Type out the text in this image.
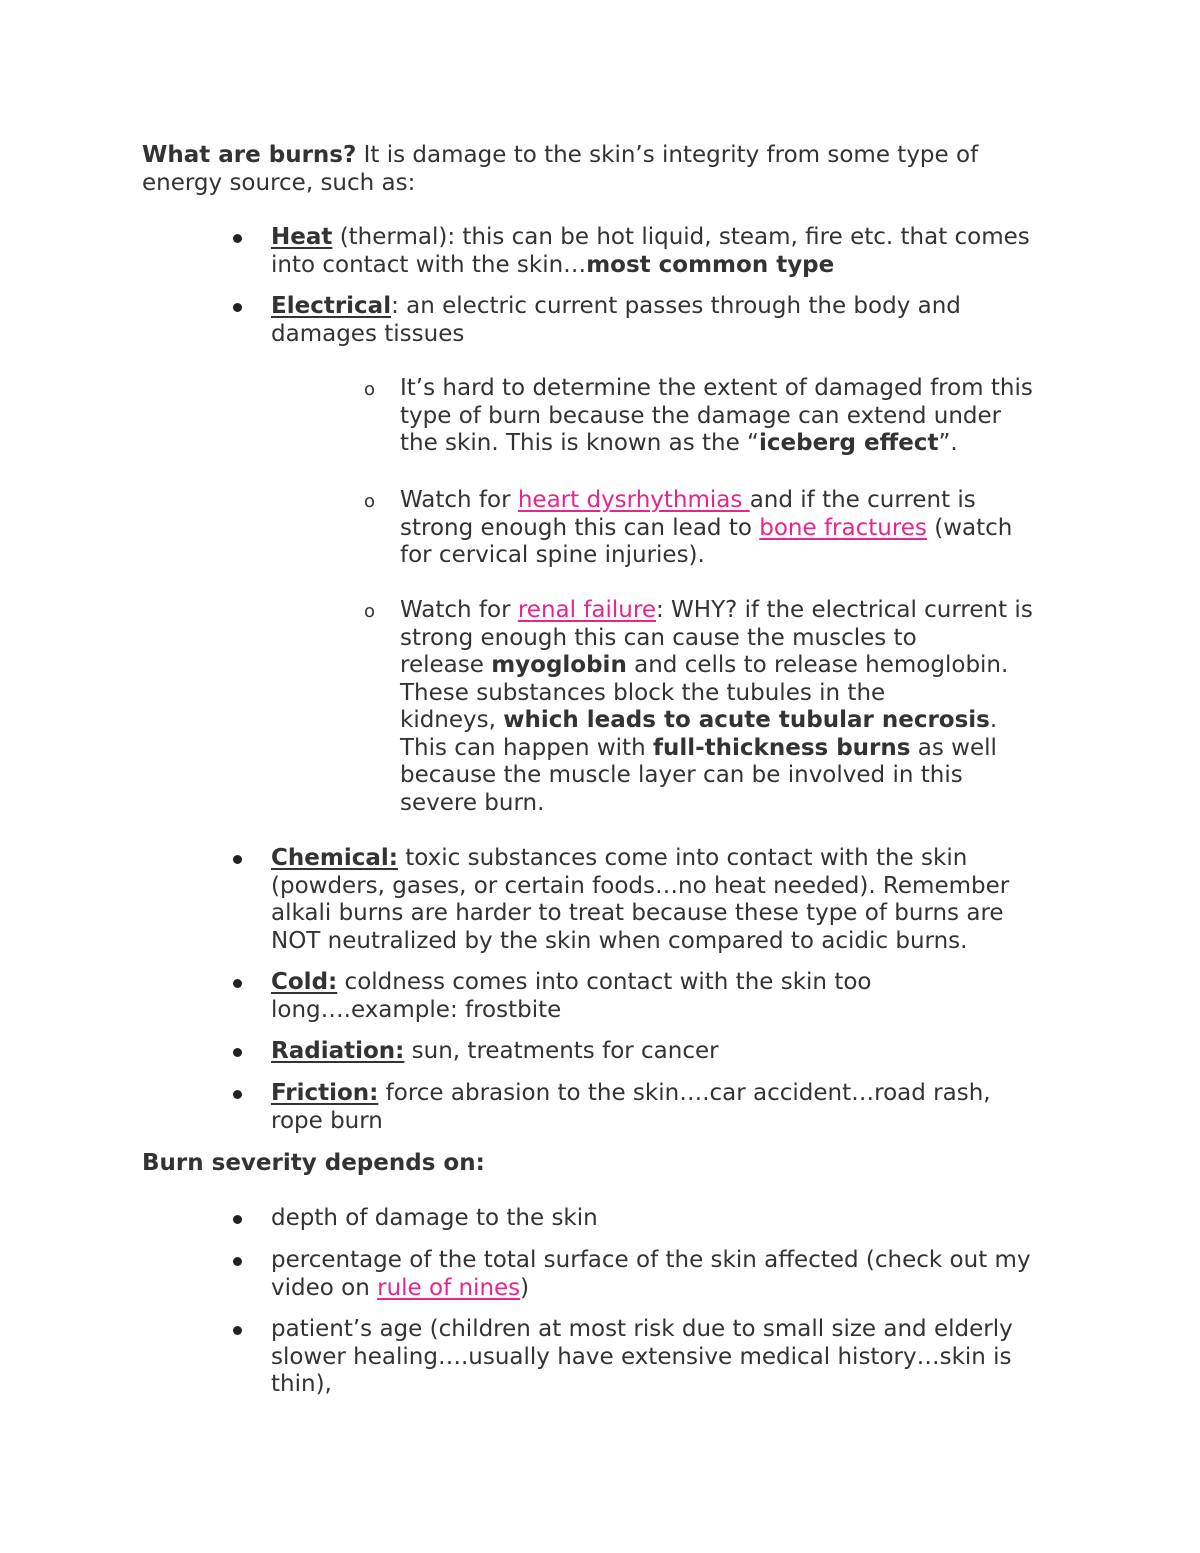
What are burns? It is damage to the skin’s integrity from some type of
energy source, such as:
Heat (thermal): this can be hot liquid, steam, fire etc. that comes
into contact with the skin…most common type
Electrical: an electric current passes through the body and
damages tissues
o It’s hard to determine the extent of damaged from this
type of burn because the damage can extend under
the skin. This is known as the “iceberg effect”.
o Watch for heart dysrhythmias and if the current is
strong enough this can lead to bone fractures (watch
for cervical spine injuries).
o Watch for renal failure: WHY? if the electrical current is
strong enough this can cause the muscles to
release myoglobin and cells to release hemoglobin.
These substances block the tubules in the
kidneys, which leads to acute tubular necrosis.
This can happen with full-thickness burns as well
because the muscle layer can be involved in this
severe burn.
Chemical: toxic substances come into contact with the skin
(powders, gases, or certain foods…no heat needed). Remember
alkali burns are harder to treat because these type of burns are
NOT neutralized by the skin when compared to acidic burns.
Cold: coldness comes into contact with the skin too
long….example: frostbite
Radiation: sun, treatments for cancer
Friction: force abrasion to the skin….car accident…road rash,
rope burn
Burn severity depends on:
depth of damage to the skin
percentage of the total surface of the skin affected (check out my
video on rule of nines)
patient’s age (children at most risk due to small size and elderly
slower healing….usually have extensive medical history…skin is
thin),
